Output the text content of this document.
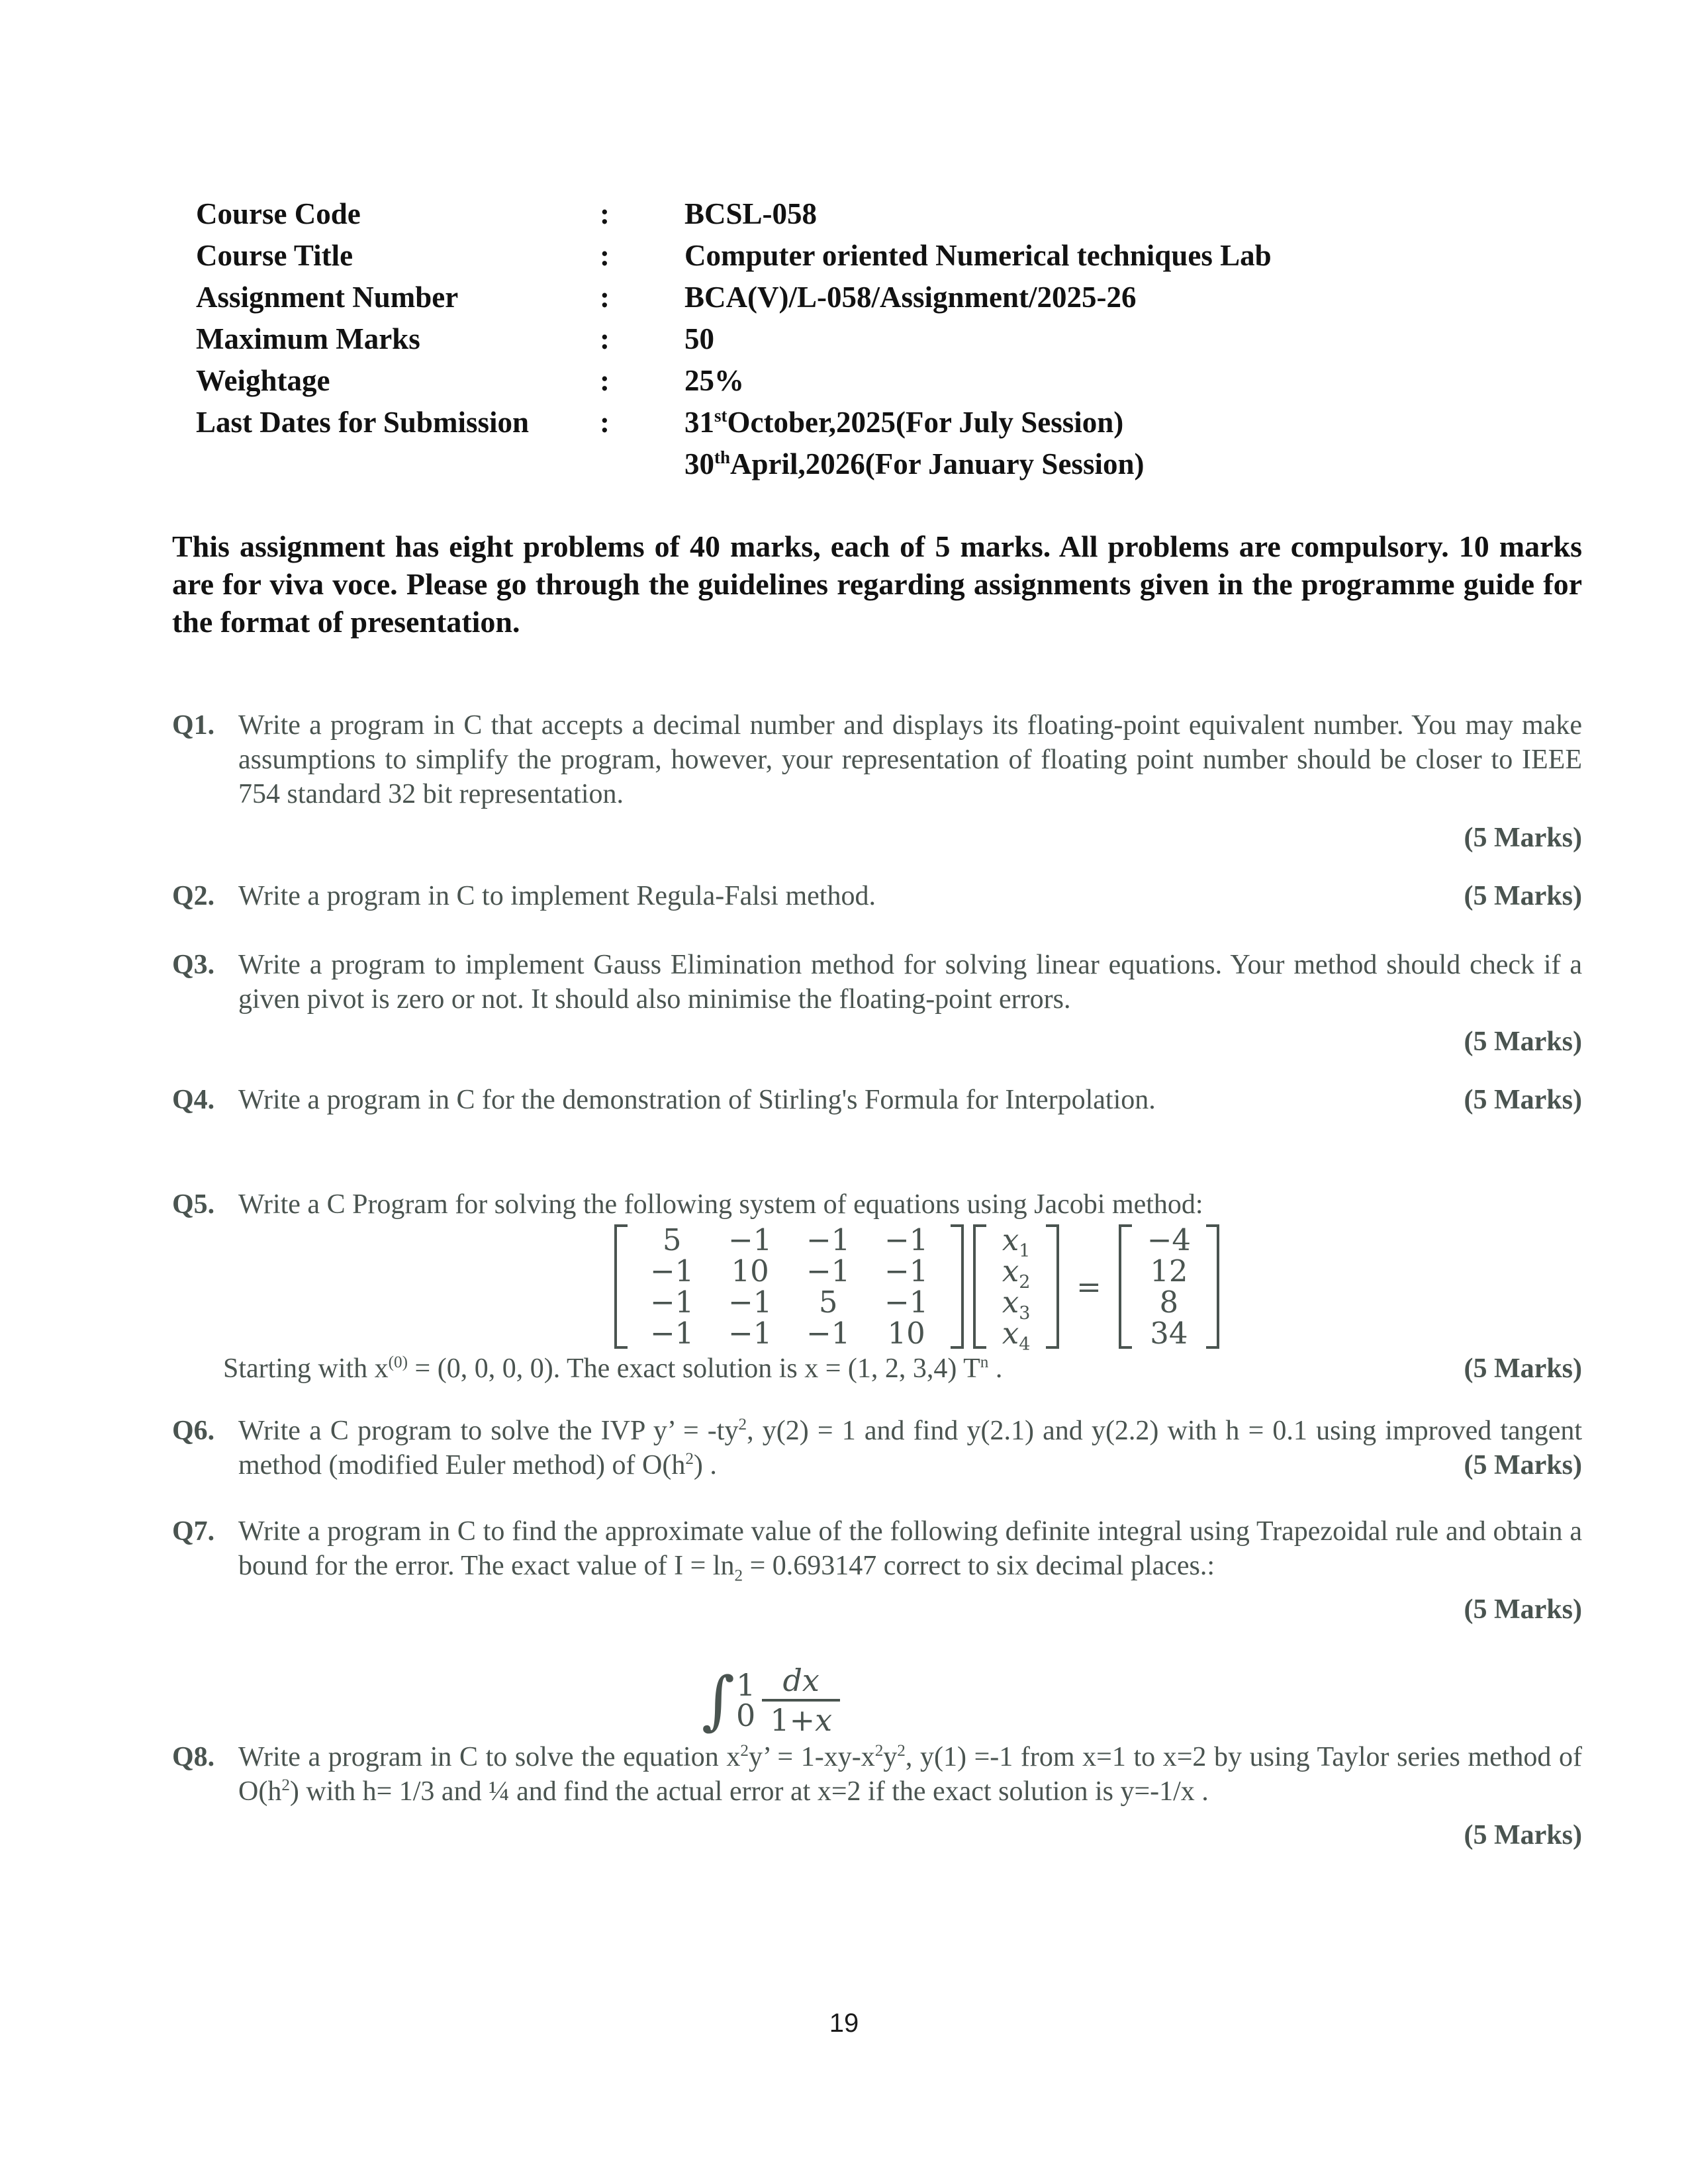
Course Code	:	BCSL-058
Course Title	:	Computer oriented Numerical techniques Lab
Assignment Number	:	BCA(V)/L-058/Assignment/2025-26
Maximum Marks	:	50
Weightage	:	25%
Last Dates for Submission	:	31stOctober,2025(For July Session)
30thApril,2026(For January Session)

This assignment has eight problems of 40 marks, each of 5 marks. All problems are compulsory. 10 marks are for viva voce. Please go through the guidelines regarding assignments given in the programme guide for the format of presentation.

Q1. Write a program in C that accepts a decimal number and displays its floating-point equivalent number. You may make assumptions to simplify the program, however, your representation of floating point number should be closer to IEEE 754 standard 32 bit representation.
(5 Marks)
Q2. Write a program in C to implement Regula-Falsi method.	(5 Marks)
Q3. Write a program to implement Gauss Elimination method for solving linear equations. Your method should check if a given pivot is zero or not. It should also minimise the floating-point errors.
(5 Marks)
Q4. Write a program in C for the demonstration of Stirling's Formula for Interpolation.	(5 Marks)
Q5. Write a C Program for solving the following system of equations using Jacobi method:
5	−1	−1	−1
−1	10	−1	−1
−1	−1	5	−1
−1	−1	−1	10
$x_1$
$x_2$
$x_3$
$x_4$
=
−4
12
8
34
Starting with $x^{(0)} = (0$, 0, 0, 0). The exact solution is x = (1, 2, 3,4) $T^n$ .	(5 Marks)
Q6. Write a C program to solve the IVP y’ = $-ty^2$, y(2) = 1 and find y(2.1) and y(2.2) with h = 0.1 using improved tangent method (modified Euler method) of $O(h^2)$ .	(5 Marks)
Q7. Write a program in C to find the approximate value of the following definite integral using Trapezoidal rule and obtain a bound for the error. The exact value of $I = \ln_2 = 0.693147$ correct to six decimal places.:
(5 Marks)
∫ 1
$0 \frac{dx}{1+x}$
Q8. Write a program in C to solve the equation $x^2y$’ = $1-xy-x^2y^2$, y(1) =-1 from x=1 to x=2 by using Taylor series method of $O(h^2)$ with h= 1/3 and ¼ and find the actual error at x=2 if the exact solution is y=-1/x .
(5 Marks)
19
